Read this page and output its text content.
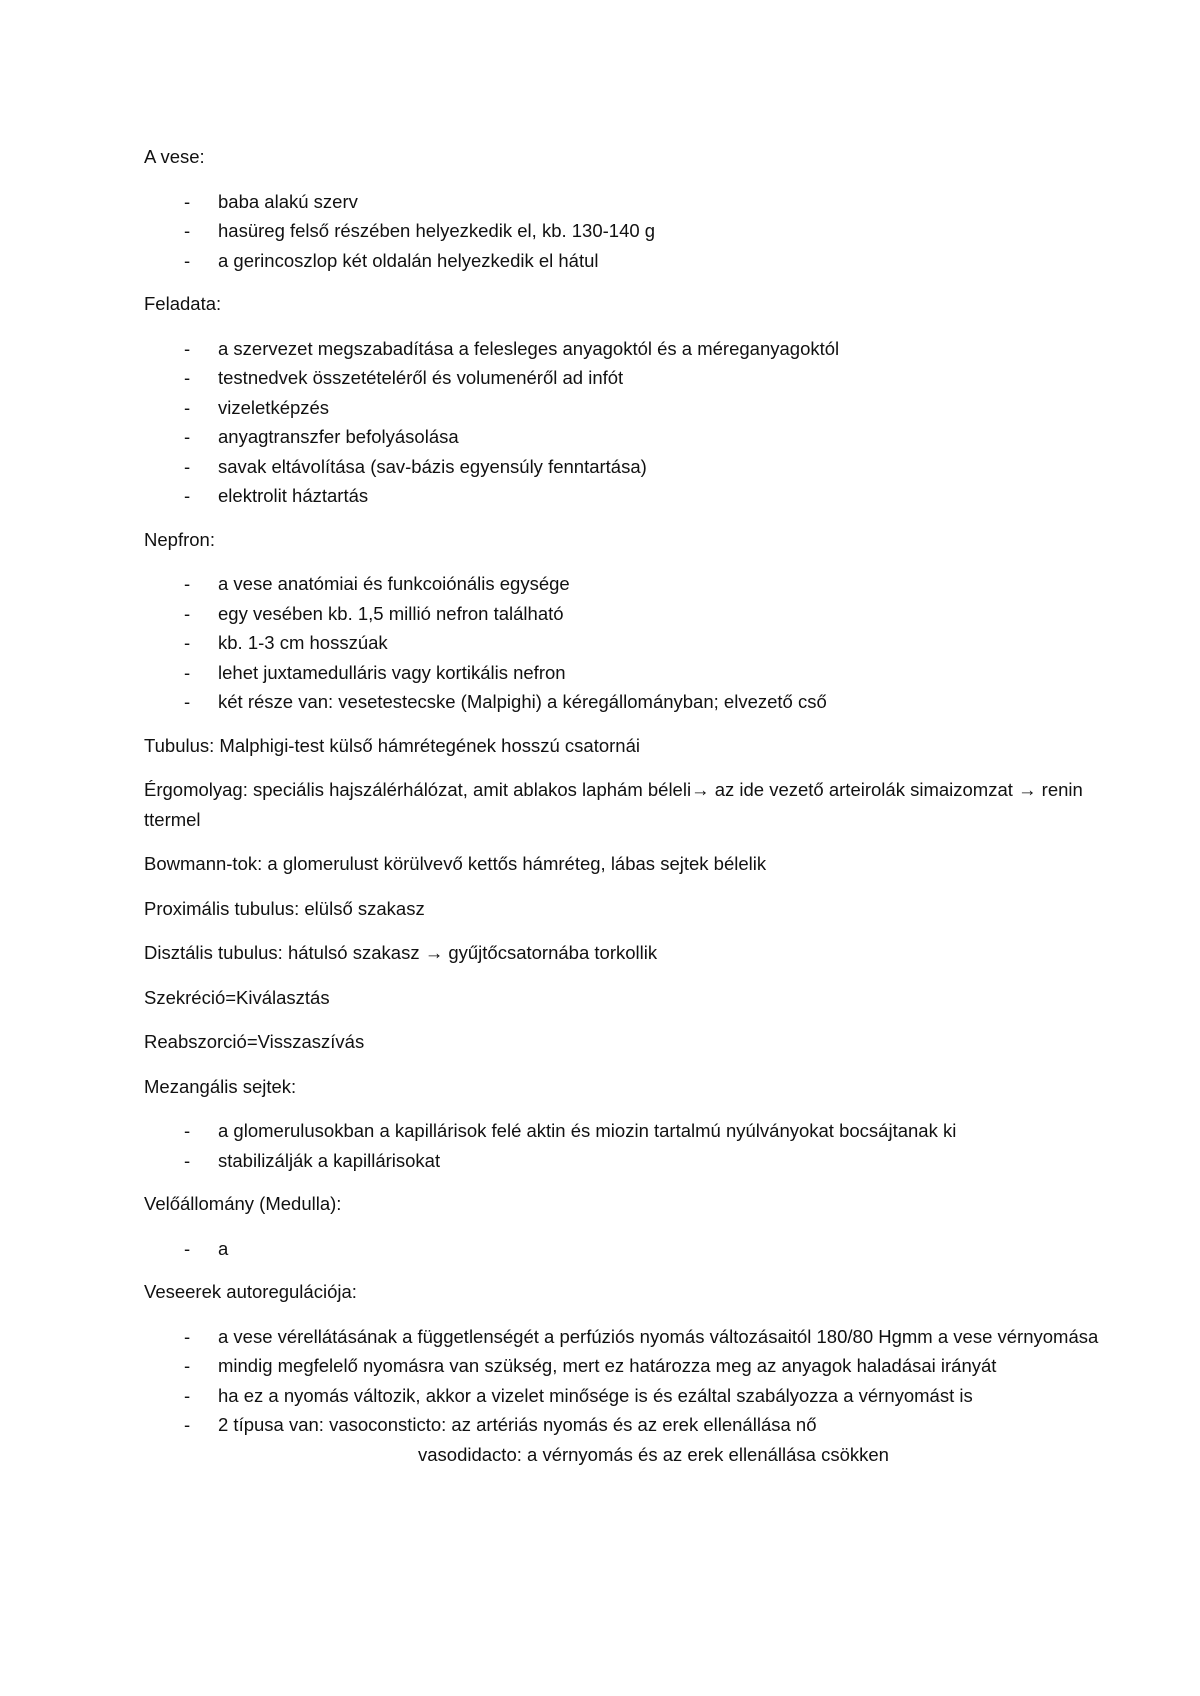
A vese:
- baba alakú szerv
- hasüreg felső részében helyezkedik el, kb. 130-140 g
- a gerincoszlop két oldalán helyezkedik el hátul
Feladata:
- a szervezet megszabadítása a felesleges anyagoktól és a méreganyagoktól
- testnedvek összetételéről és volumenéről ad infót
- vizeletképzés
- anyagtranszfer befolyásolása
- savak eltávolítása (sav-bázis egyensúly fenntartása)
- elektrolit háztartás
Nepfron:
- a vese anatómiai és funkcoiónális egysége
- egy vesében kb. 1,5 millió nefron található
- kb. 1-3 cm hosszúak
- lehet juxtamedulláris vagy kortikális nefron
- két része van: vesetestecske (Malpighi) a kéregállományban; elvezető cső
Tubulus: Malphigi-test külső hámrétegének hosszú csatornái
Érgomolyag: speciális hajszálérhálózat, amit ablakos laphám béleli→ az ide vezető arteirolák simaizomzat → renin ttermel
Bowmann-tok: a glomerulust körülvevő kettős hámréteg, lábas sejtek bélelik
Proximális tubulus: elülső szakasz
Disztális tubulus: hátulsó szakasz → gyűjtőcsatornába torkollik
Szekréció=Kiválasztás
Reabszorció=Visszaszívás
Mezangális sejtek:
- a glomerulusokban a kapillárisok felé aktin és miozin tartalmú nyúlványokat bocsájtanak ki
- stabilizálják a kapillárisokat
Velőállomány (Medulla):
- a
Veseerek autoregulációja:
- a vese vérellátásának a függetlenségét a perfúziós nyomás változásaitól 180/80 Hgmm a vese vérnyomása
- mindig megfelelő nyomásra van szükség, mert ez határozza meg az anyagok haladásai irányát
- ha ez a nyomás változik, akkor a vizelet minősége is és ezáltal szabályozza a vérnyomást is
- 2 típusa van: vasoconsticto: az artériás nyomás és az erek ellenállása nő
vasodidacto: a vérnyomás és az erek ellenállása csökken
